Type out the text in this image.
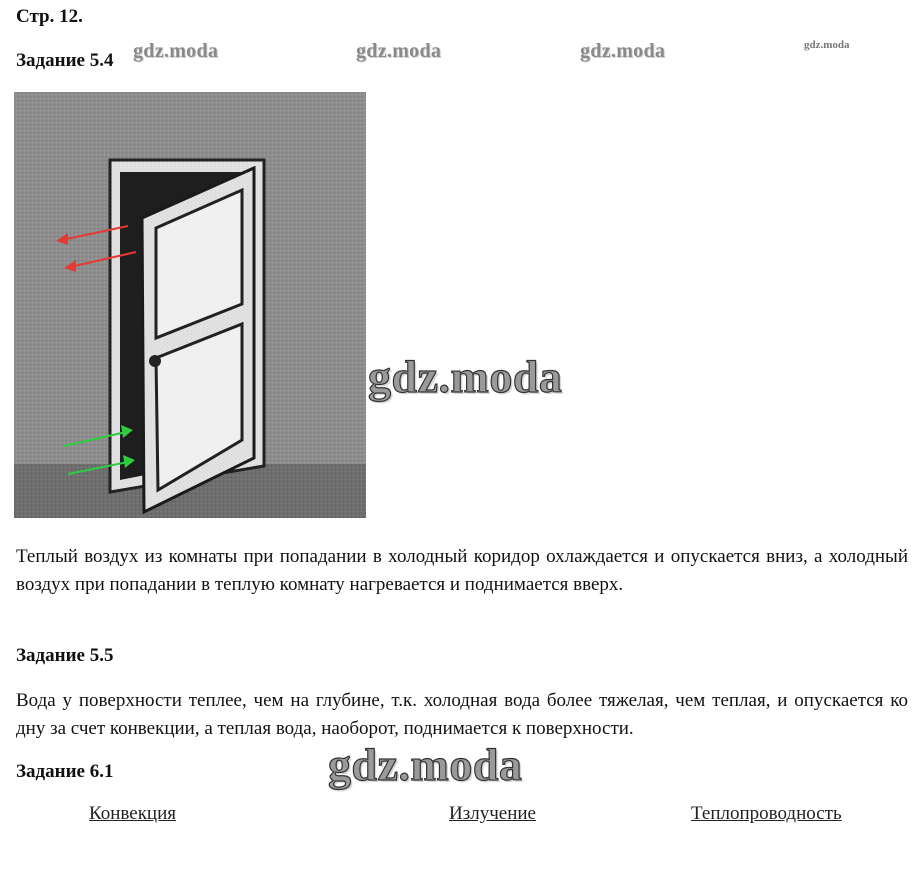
Стр. 12.
Задание 5.4 gdz.moda	gdz.moda	gdz.moda	gdz.moda
gdz.moda
Теплый воздух из комнаты при попадании в холодный коридор охлаждается и опускается вниз, а холодный воздух при попадании в теплую комнату нагревается и поднимается вверх.
Задание 5.5
Вода у поверхности теплее, чем на глубине, т.к. холодная вода более тяжелая, чем теплая, и опускается ко дну за счет конвекции, а теплая вода, наоборот, поднимается к поверхности.
Задание 6.1	gdz.moda
Конвекция	Излучение	Теплопроводность
